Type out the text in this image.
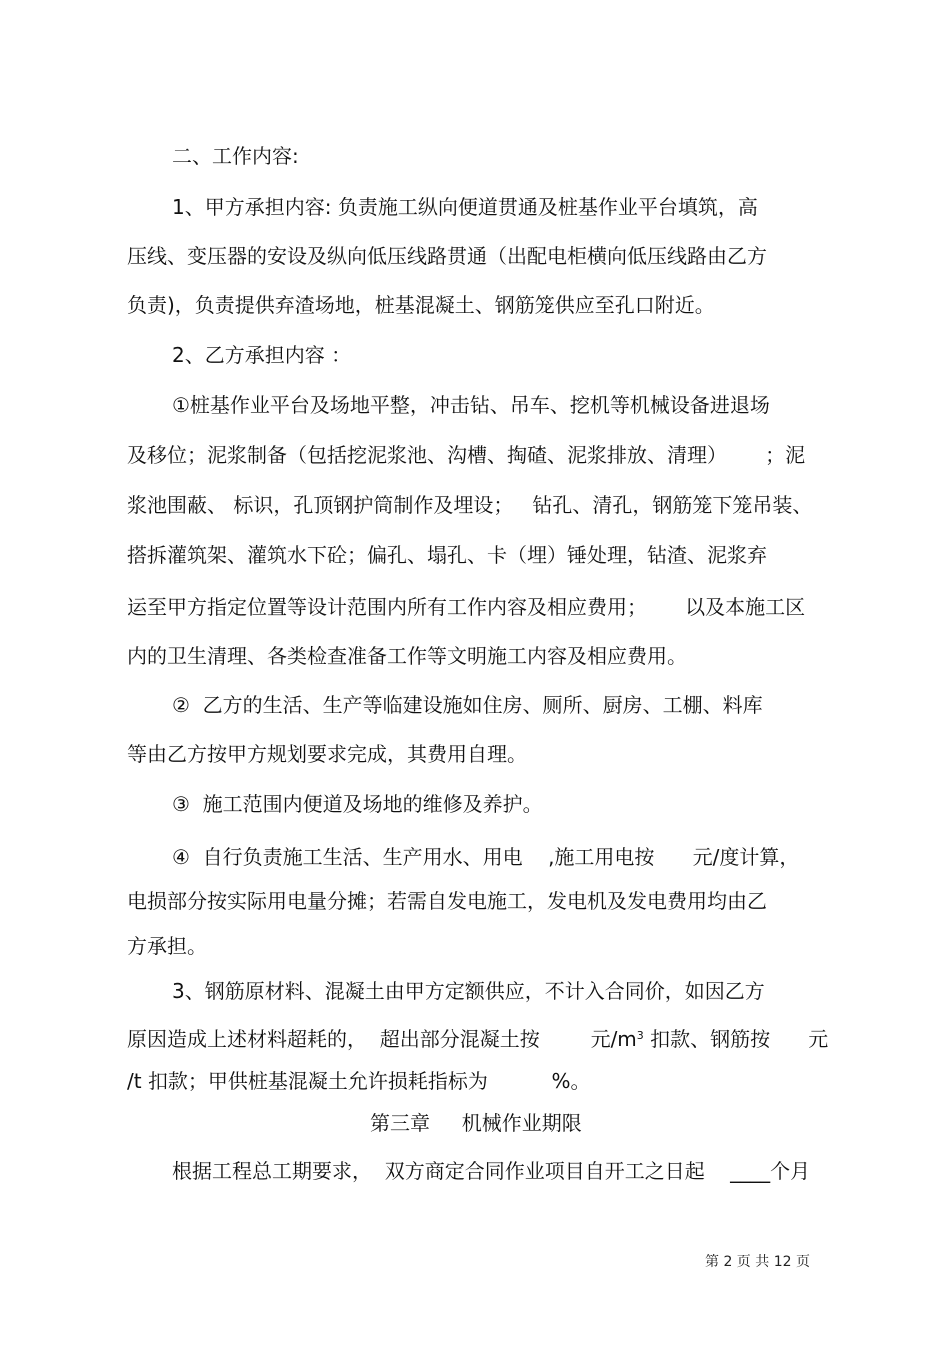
二、工作内容:

1、甲方承担内容: 负责施工纵向便道贯通及桩基作业平台填筑，高

压线、变压器的安设及纵向低压线路贯通（出配电柜横向低压线路由乙方

负责)，负责提供弃渣场地，桩基混凝土、钢筋笼供应至孔口附近。

2、乙方承担内容 ：

①桩基作业平台及场地平整，冲击钻、吊车、挖机等机械设备进退场

及移位；泥浆制备（包括挖泥浆池、沟槽、掏碴、泥浆排放、清理）      ；泥

浆池围蔽、 标识，孔顶钢护筒制作及埋设；   钻孔、清孔，钢筋笼下笼吊装、

搭拆灌筑架、灌筑水下砼；偏孔、塌孔、卡（埋）锤处理，钻渣、泥浆弃

运至甲方指定位置等设计范围内所有工作内容及相应费用；      以及本施工区

内的卫生清理、各类检查准备工作等文明施工内容及相应费用。

②  乙方的生活、生产等临建设施如住房、厕所、厨房、工棚、料库

等由乙方按甲方规划要求完成，其费用自理。

③  施工范围内便道及场地的维修及养护。

④  自行负责施工生活、生产用水、用电    ,施工用电按      元/度计算，

电损部分按实际用电量分摊；若需自发电施工，发电机及发电费用均由乙

方承担。

3、钢筋原材料、混凝土由甲方定额供应，不计入合同价，如因乙方

原因造成上述材料超耗的，  超出部分混凝土按        元$/m^3$ 扣款、钢筋按      元

/t 扣款；甲供桩基混凝土允许损耗指标为          %。

第三章     机械作业期限

根据工程总工期要求，  双方商定合同作业项目自开工之日起    ____个月

第 2 页 共 12 页
